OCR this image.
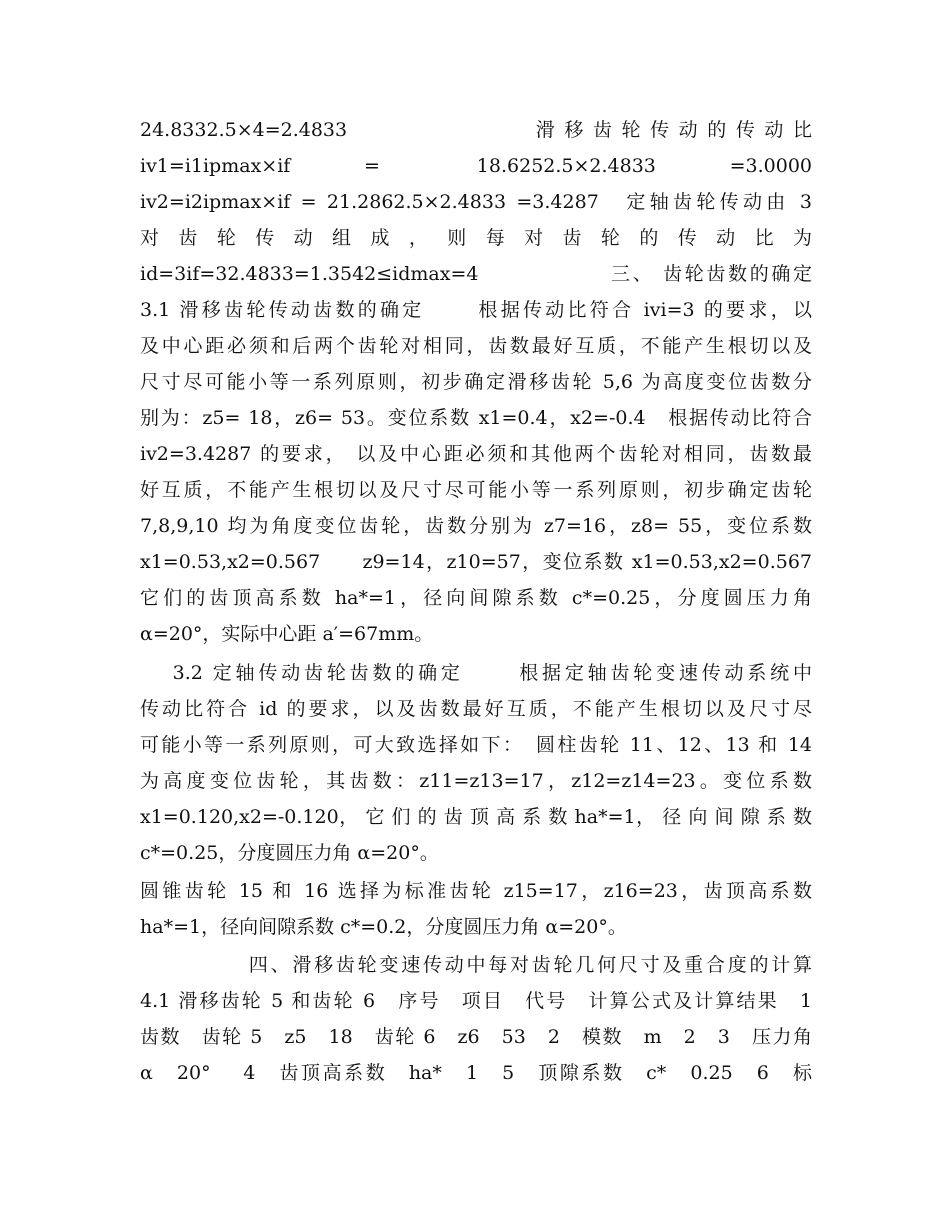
24.8332.5×4=2.4833　　　　　　　　　滑 移 齿 轮 传 动 的 传 动 比
iv1=i1ipmax×if　　　=　　　　18.6252.5×2.4833　　　=3.0000
iv2=i2ipmax×if = 21.2862.5×2.4833 =3.4287　定轴齿轮传动由 3
对 齿 轮 传 动 组 成 ， 则 每 对 齿 轮 的 传 动 比 为
id=3if=32.4833=1.3542≤idmax=4　　　　　　三、 齿轮齿数的确定
3.1 滑移齿轮传动齿数的确定　　 根据传动比符合 ivi=3 的要求，以
及中心距必须和后两个齿轮对相同，齿数最好互质，不能产生根切以及
尺寸尽可能小等一系列原则，初步确定滑移齿轮 5,6 为高度变位齿数分
别为：z5= 18，z6= 53。变位系数 x1=0.4，x2=-0.4　根据传动比符合
iv2=3.4287 的要求， 以及中心距必须和其他两个齿轮对相同，齿数最
好互质，不能产生根切以及尺寸尽可能小等一系列原则，初步确定齿轮
7,8,9,10 均为角度变位齿轮，齿数分别为 z7=16，z8= 55，变位系数
x1=0.53,x2=0.567　　z9=14，z10=57，变位系数 x1=0.53,x2=0.567
它们的齿顶高系数 ha*=1，径向间隙系数 c*=0.25，分度圆压力角
α=20°，实际中心距 a′=67mm。
　 3.2 定轴传动齿轮齿数的确定　　 根据定轴齿轮变速传动系统中
传动比符合 id 的要求，以及齿数最好互质，不能产生根切以及尺寸尽
可能小等一系列原则，可大致选择如下：　圆柱齿轮 11、12、13 和 14
为高度变位齿轮，其齿数：z11=z13=17，z12=z14=23。变位系数
x1=0.120,x2=-0.120， 它 们 的 齿 顶 高 系 数 ha*=1， 径 向 间 隙 系 数
c*=0.25，分度圆压力角 α=20°。
圆锥齿轮 15 和 16 选择为标准齿轮 z15=17，z16=23，齿顶高系数
ha*=1，径向间隙系数 c*=0.2，分度圆压力角 α=20°。
　　　　　四、滑移齿轮变速传动中每对齿轮几何尺寸及重合度的计算
4.1 滑移齿轮 5 和齿轮 6　序号　项目　代号　计算公式及计算结果　1
齿数　齿轮 5　z5　18　齿轮 6　z6　53　2　模数　m　2　3　压力角
α　20°　 4　齿顶高系数　ha*　1　5　顶隙系数　c*　0.25　6　标
